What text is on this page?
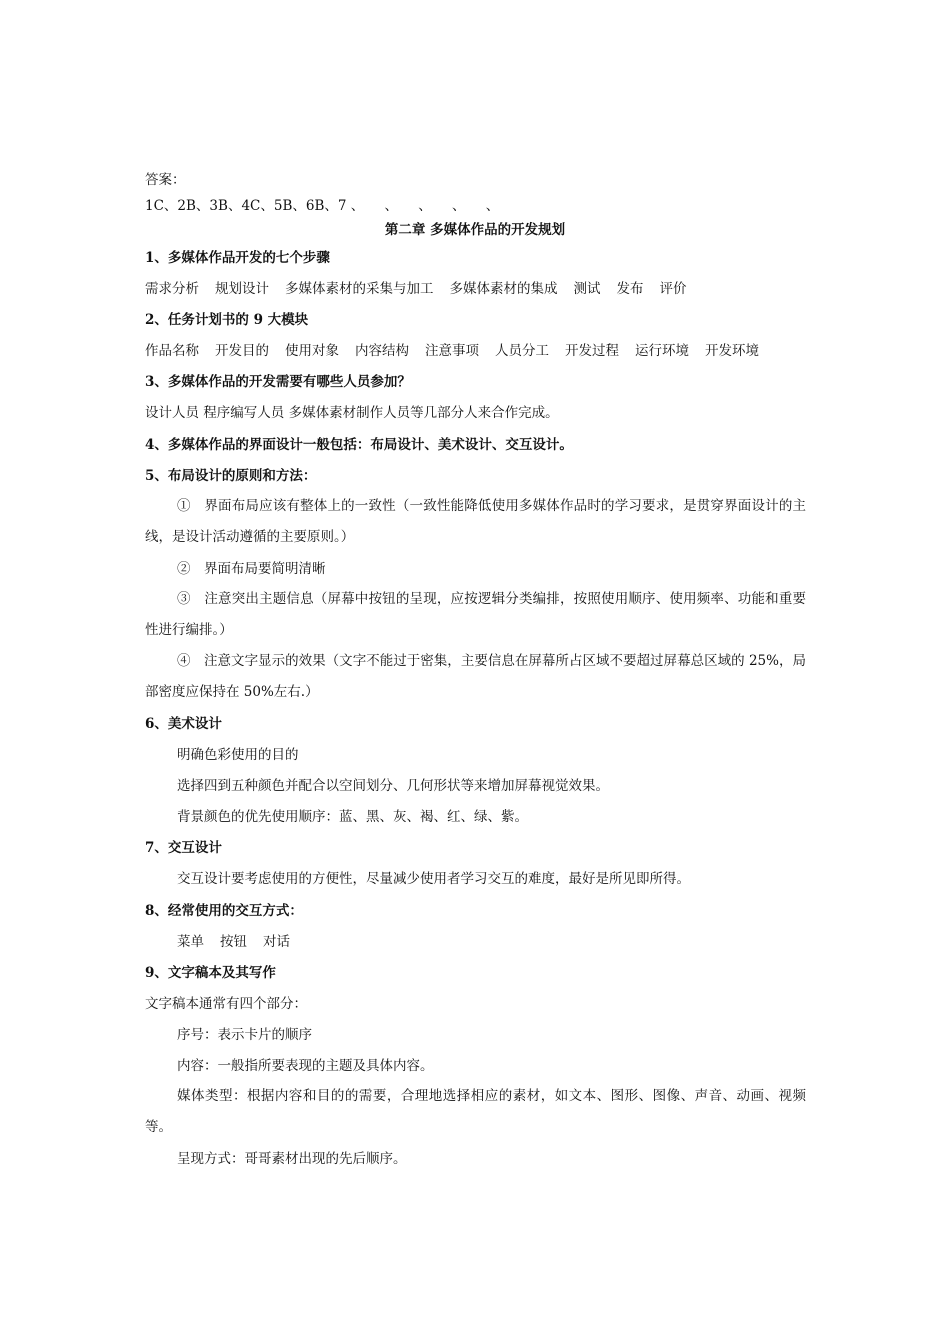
答案：
1C、2B、3B、4C、5B、6B、7 、　　、　　、　　、　　、
第二章 多媒体作品的开发规划
1、多媒体作品开发的七个步骤
需求分析 规划设计 多媒体素材的采集与加工 多媒体素材的集成 测试 发布 评价
2、任务计划书的 9 大模块
作品名称 开发目的 使用对象 内容结构 注意事项 人员分工 开发过程 运行环境 开发环境
3、多媒体作品的开发需要有哪些人员参加？
设计人员 程序编写人员 多媒体素材制作人员等几部分人来合作完成。
4、多媒体作品的界面设计一般包括：布局设计、美术设计、交互设计。
5、布局设计的原则和方法：
①　界面布局应该有整体上的一致性（一致性能降低使用多媒体作品时的学习要求，是贯穿界面设计的主线，是设计活动遵循的主要原则。）
②　界面布局要简明清晰
③　注意突出主题信息（屏幕中按钮的呈现，应按逻辑分类编排，按照使用顺序、使用频率、功能和重要性进行编排。）
④　注意文字显示的效果（文字不能过于密集，主要信息在屏幕所占区域不要超过屏幕总区域的 25%，局部密度应保持在 50%左右.）
6、美术设计
明确色彩使用的目的
选择四到五种颜色并配合以空间划分、几何形状等来增加屏幕视觉效果。
背景颜色的优先使用顺序：蓝、黑、灰、褐、红、绿、紫。
7、交互设计
交互设计要考虑使用的方便性，尽量减少使用者学习交互的难度，最好是所见即所得。
8、经常使用的交互方式：
菜单 按钮 对话
9、文字稿本及其写作
文字稿本通常有四个部分：
序号：表示卡片的顺序
内容：一般指所要表现的主题及具体内容。
媒体类型：根据内容和目的的需要，合理地选择相应的素材，如文本、图形、图像、声音、动画、视频等。
呈现方式：哥哥素材出现的先后顺序。
